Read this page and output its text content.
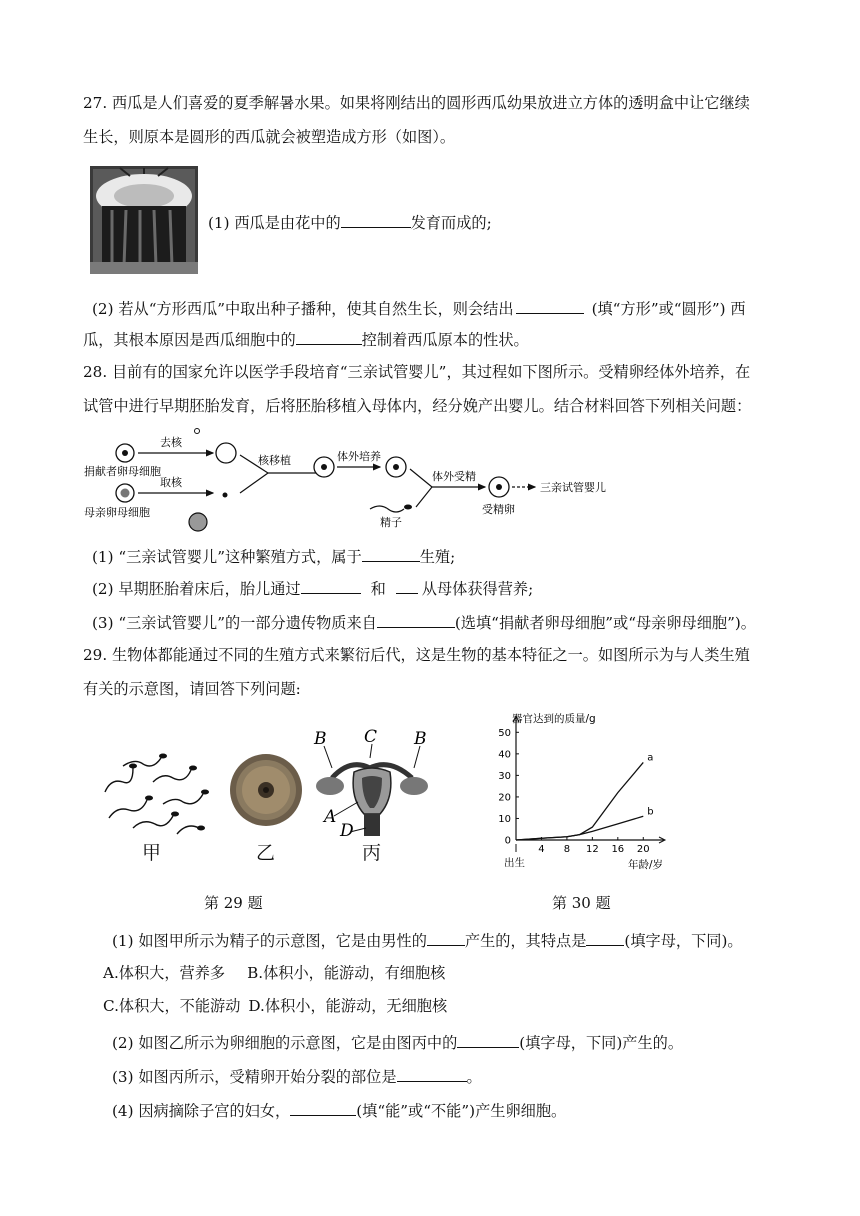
27. 西瓜是人们喜爱的夏季解暑水果。如果将刚结出的圆形西瓜幼果放进立方体的透明盒中让它继续
生长，则原本是圆形的西瓜就会被塑造成方形（如图）。
(1) 西瓜是由花中的	发育而成的;
(2) 若从“方形西瓜”中取出种子播种，使其自然生长，则会结出	(填“方形”或“圆形”) 西
瓜，其根本原因是西瓜细胞中的	控制着西瓜原本的性状。
28. 目前有的国家允许以医学手段培育“三亲试管婴儿”，其过程如下图所示。受精卵经体外培养，在
试管中进行早期胚胎发育，后将胚胎移植入母体内，经分娩产出婴儿。结合材料回答下列相关问题：
捐献者卵母细胞
去核
母亲卵母细胞
取核
核移植	体外培养
精子
体外受精
受精卵
三亲试管婴儿
(1) “三亲试管婴儿”这种繁殖方式，属于	生殖;
(2) 早期胚胎着床后，胎儿通过	和 从母体获得营养;
(3) “三亲试管婴儿”的一部分遗传物质来自	(选填“捐献者卵母细胞”或“母亲卵母细胞”)。
29. 生物体都能通过不同的生殖方式来繁衍后代，这是生物的基本特征之一。如图所示为与人类生殖
有关的示意图，请回答下列问题:
甲	乙
B C B
A
D
丙
器官达到的质量/g
0
10
20
30
40
50
4 8 12 16 20
出生	年龄/岁
a
b
第 29 题	第 30 题
(1) 如图甲所示为精子的示意图，它是由男性的	产生的，其特点是	(填字母，下同)。
A.体积大，营养多 B.体积小，能游动，有细胞核
C.体积大，不能游动 D.体积小，能游动，无细胞核
(2) 如图乙所示为卵细胞的示意图，它是由图丙中的	(填字母，下同)产生的。
(3) 如图丙所示，受精卵开始分裂的部位是	。
(4) 因病摘除子宫的妇女，	(填“能”或“不能”)产生卵细胞。
